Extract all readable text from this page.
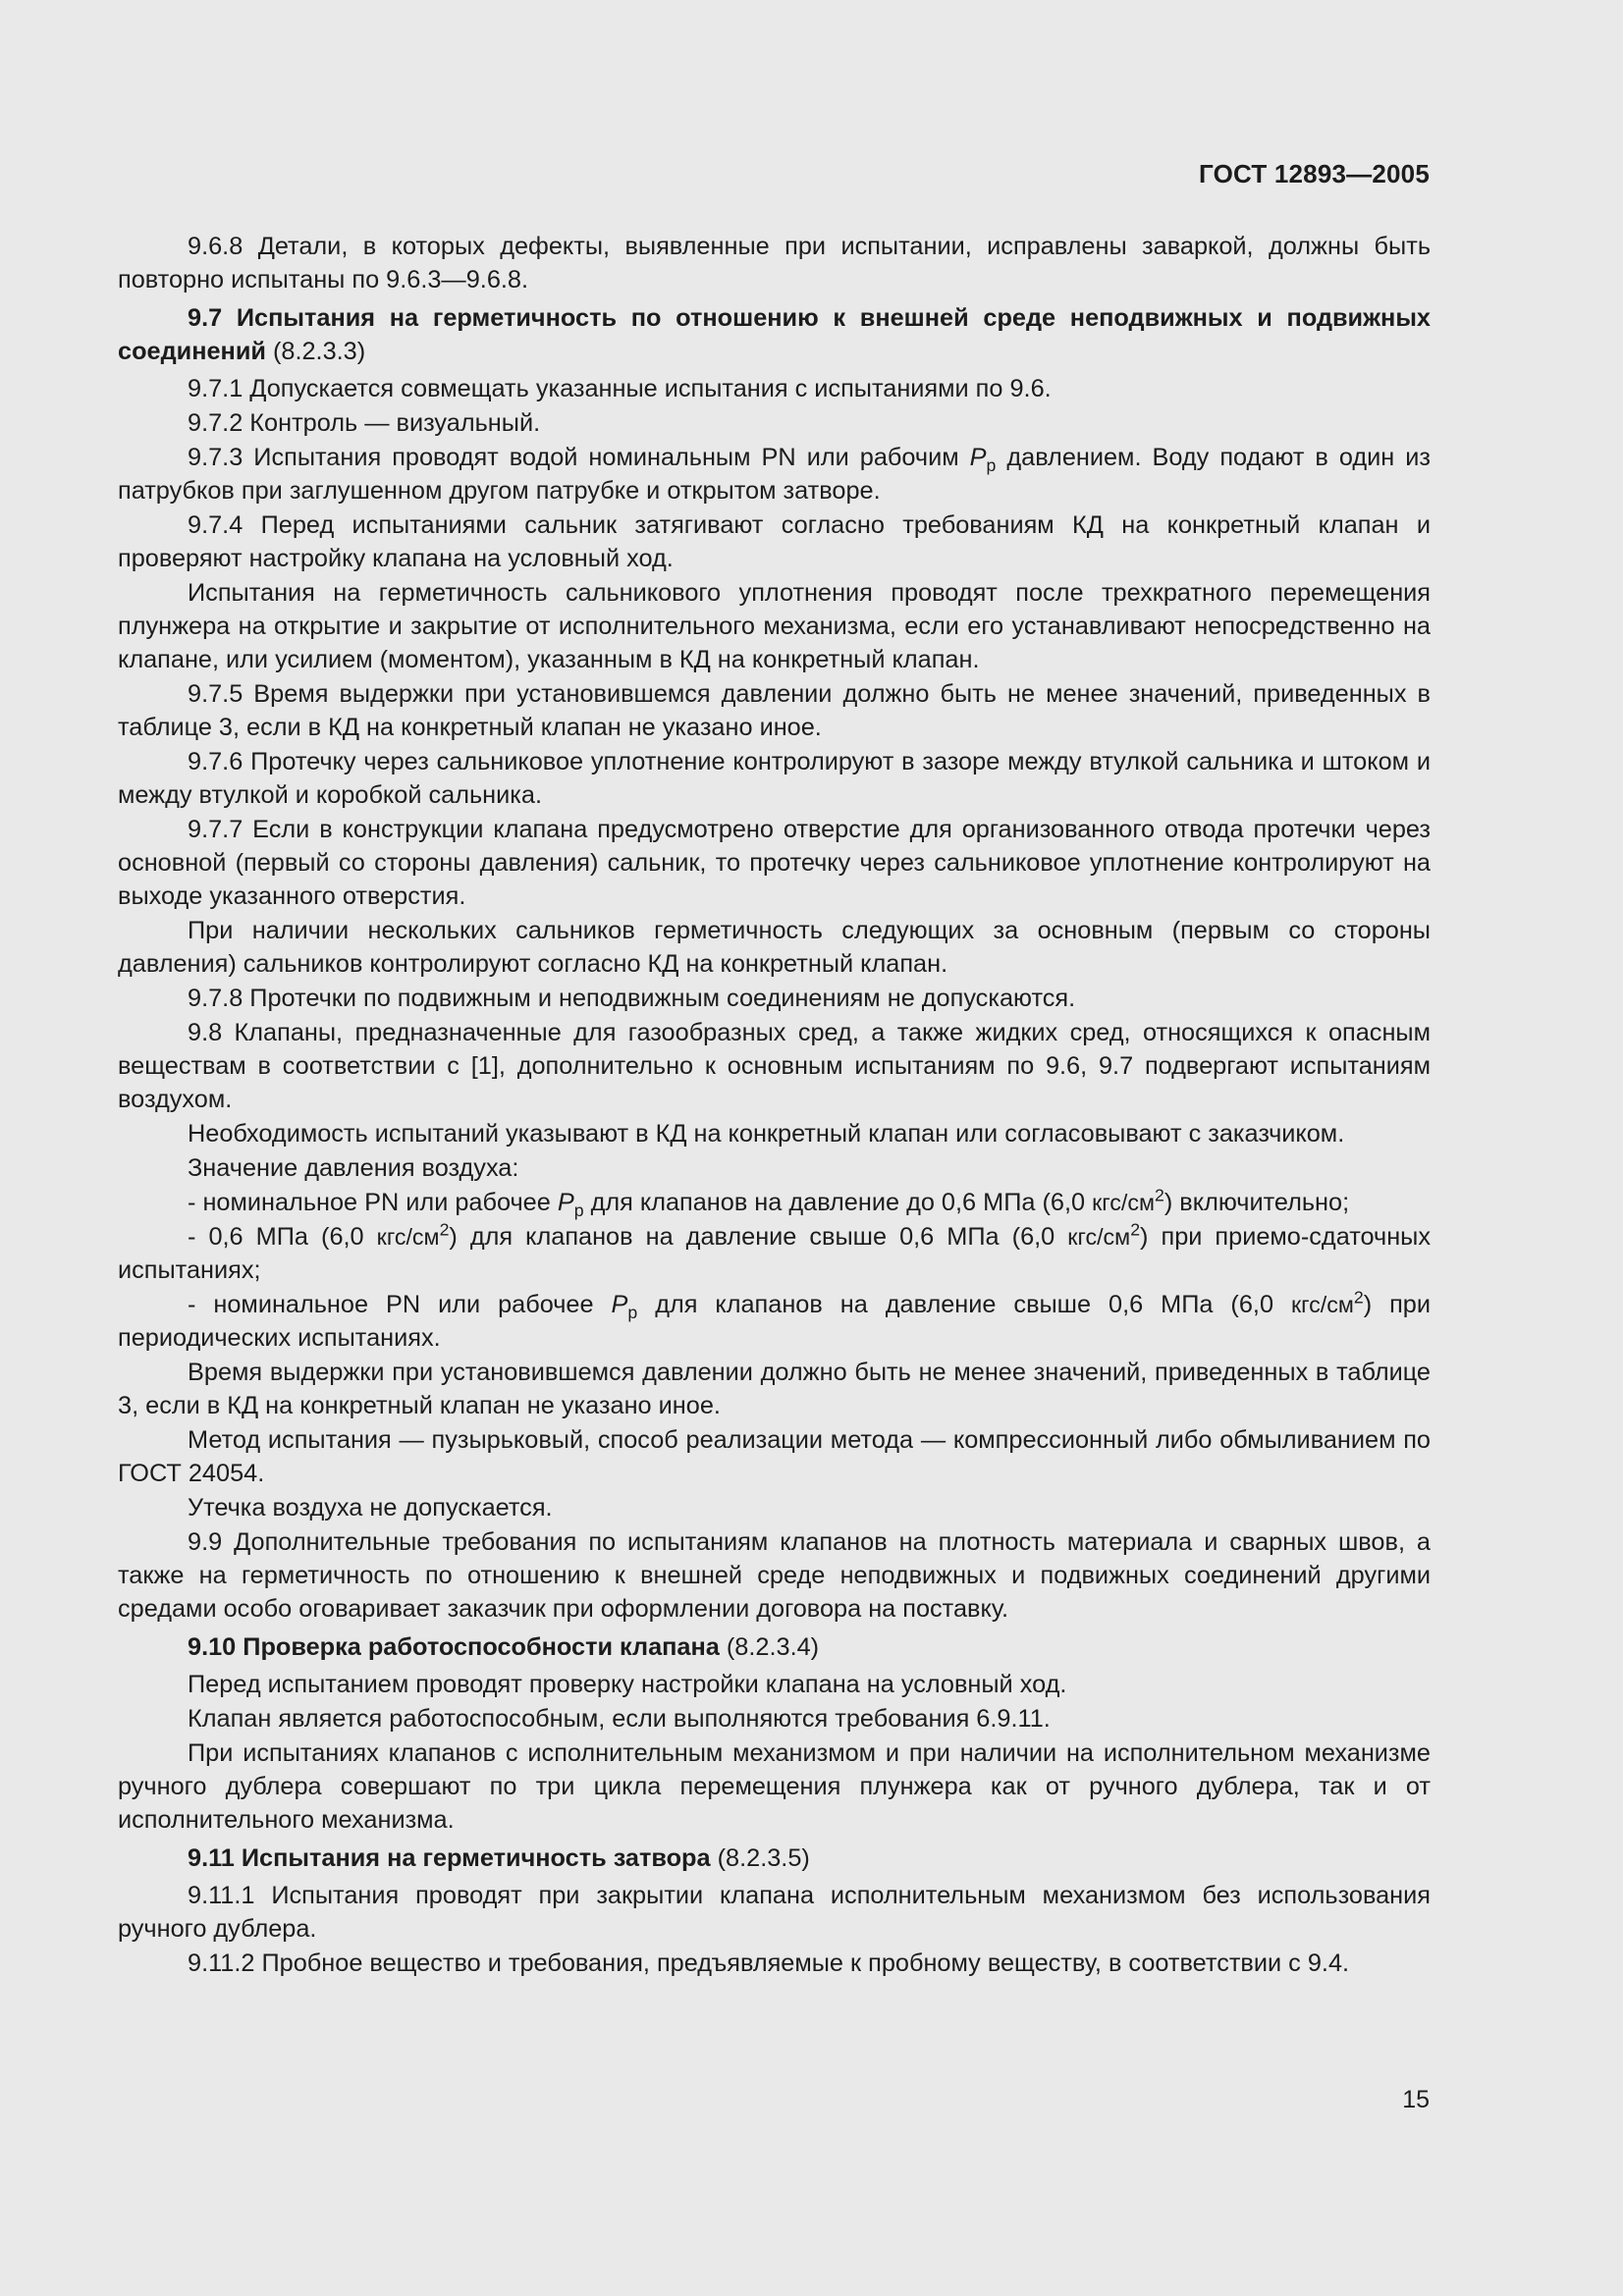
ГОСТ 12893—2005

9.6.8 Детали, в которых дефекты, выявленные при испытании, исправлены заваркой, должны быть повторно испытаны по 9.6.3—9.6.8.

9.7 Испытания на герметичность по отношению к внешней среде неподвижных и подвижных соединений (8.2.3.3)

9.7.1 Допускается совмещать указанные испытания с испытаниями по 9.6.

9.7.2 Контроль — визуальный.

9.7.3 Испытания проводят водой номинальным PN или рабочим $P_р$ давлением. Воду подают в один из патрубков при заглушенном другом патрубке и открытом затворе.

9.7.4 Перед испытаниями сальник затягивают согласно требованиям КД на конкретный клапан и проверяют настройку клапана на условный ход.

Испытания на герметичность сальникового уплотнения проводят после трехкратного перемещения плунжера на открытие и закрытие от исполнительного механизма, если его устанавливают непосредственно на клапане, или усилием (моментом), указанным в КД на конкретный клапан.

9.7.5 Время выдержки при установившемся давлении должно быть не менее значений, приведенных в таблице 3, если в КД на конкретный клапан не указано иное.

9.7.6 Протечку через сальниковое уплотнение контролируют в зазоре между втулкой сальника и штоком и между втулкой и коробкой сальника.

9.7.7 Если в конструкции клапана предусмотрено отверстие для организованного отвода протечки через основной (первый со стороны давления) сальник, то протечку через сальниковое уплотнение контролируют на выходе указанного отверстия.

При наличии нескольких сальников герметичность следующих за основным (первым со стороны давления) сальников контролируют согласно КД на конкретный клапан.

9.7.8 Протечки по подвижным и неподвижным соединениям не допускаются.

9.8 Клапаны, предназначенные для газообразных сред, а также жидких сред, относящихся к опасным веществам в соответствии с [1], дополнительно к основным испытаниям по 9.6, 9.7 подвергают испытаниям воздухом.

Необходимость испытаний указывают в КД на конкретный клапан или согласовывают с заказчиком.

Значение давления воздуха:

- номинальное PN или рабочее $P_р$ для клапанов на давление до 0,6 МПа (6,0 кгс/$см^2$) включительно;

- 0,6 МПа (6,0 кгс/$см^2$) для клапанов на давление свыше 0,6 МПа (6,0 кгс/$см^2$) при приемо-сдаточных испытаниях;

- номинальное PN или рабочее $P_р$ для клапанов на давление свыше 0,6 МПа (6,0 кгс/$см^2$) при периодических испытаниях.

Время выдержки при установившемся давлении должно быть не менее значений, приведенных в таблице 3, если в КД на конкретный клапан не указано иное.

Метод испытания — пузырьковый, способ реализации метода — компрессионный либо обмыливанием по ГОСТ 24054.

Утечка воздуха не допускается.

9.9 Дополнительные требования по испытаниям клапанов на плотность материала и сварных швов, а также на герметичность по отношению к внешней среде неподвижных и подвижных соединений другими средами особо оговаривает заказчик при оформлении договора на поставку.

9.10 Проверка работоспособности клапана (8.2.3.4)

Перед испытанием проводят проверку настройки клапана на условный ход.

Клапан является работоспособным, если выполняются требования 6.9.11.

При испытаниях клапанов с исполнительным механизмом и при наличии на исполнительном механизме ручного дублера совершают по три цикла перемещения плунжера как от ручного дублера, так и от исполнительного механизма.

9.11 Испытания на герметичность затвора (8.2.3.5)

9.11.1 Испытания проводят при закрытии клапана исполнительным механизмом без использования ручного дублера.

9.11.2 Пробное вещество и требования, предъявляемые к пробному веществу, в соответствии с 9.4.

15
